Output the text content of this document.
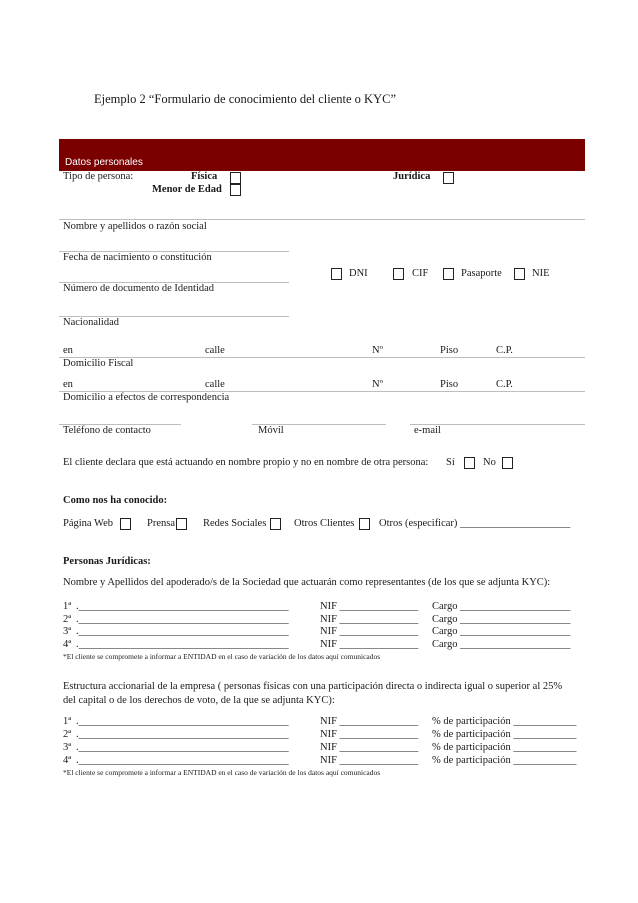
Ejemplo 2 “Formulario de conocimiento del cliente o KYC”
Datos personales
Tipo de persona:	Física	Jurídica
Menor de Edad
Nombre y apellidos o razón social
Fecha de nacimiento o constitución
DNI	CIF	Pasaporte	NIE
Número de documento de Identidad
Nacionalidad
en	calle	Nº	Piso	C.P.
Domicilio Fiscal
en	calle	Nº	Piso	C.P.
Domicilio a efectos de correspondencia
Teléfono de contacto	Móvil	e-mail
El cliente declara que está actuando en nombre propio y no en nombre de otra persona: Sí	No
Como nos ha conocido:
Página Web	Prensa	Redes Sociales	Otros Clientes Otros (especificar) _____________________
Personas Jurídicas:
Nombre y Apellidos del apoderado/s de la Sociedad que actuarán como representantes (de los que se adjunta KYC):
1ª .________________________________________	NIF _______________ Cargo _____________________
2ª .________________________________________	NIF _______________ Cargo _____________________
3ª .________________________________________	NIF _______________ Cargo _____________________
4ª .________________________________________	NIF _______________ Cargo _____________________
*El cliente se compromete a informar a ENTIDAD en el caso de variación de los datos aquí comunicados
Estructura accionarial de la empresa ( personas físicas con una participación directa o indirecta igual o superior al 25%
del capital o de los derechos de voto, de la que se adjunta KYC):
1ª .________________________________________	NIF _______________ % de participación ____________
2ª .________________________________________	NIF _______________ % de participación ____________
3ª .________________________________________	NIF _______________ % de participación ____________
4ª .________________________________________	NIF _______________ % de participación ____________
*El cliente se compromete a informar a ENTIDAD en el caso de variación de los datos aquí comunicados
